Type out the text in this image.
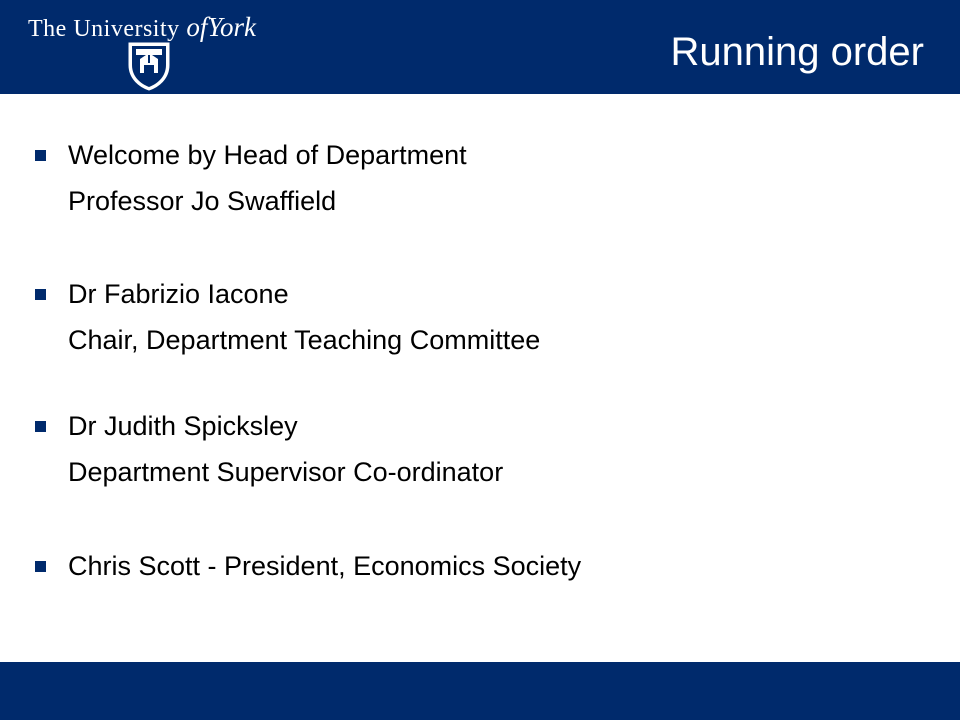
The University ofYork
Running order
Welcome by Head of Department
Professor Jo Swaffield
Dr Fabrizio Iacone
Chair, Department Teaching Committee
Dr Judith Spicksley
Department Supervisor Co-ordinator
Chris Scott - President, Economics Society
